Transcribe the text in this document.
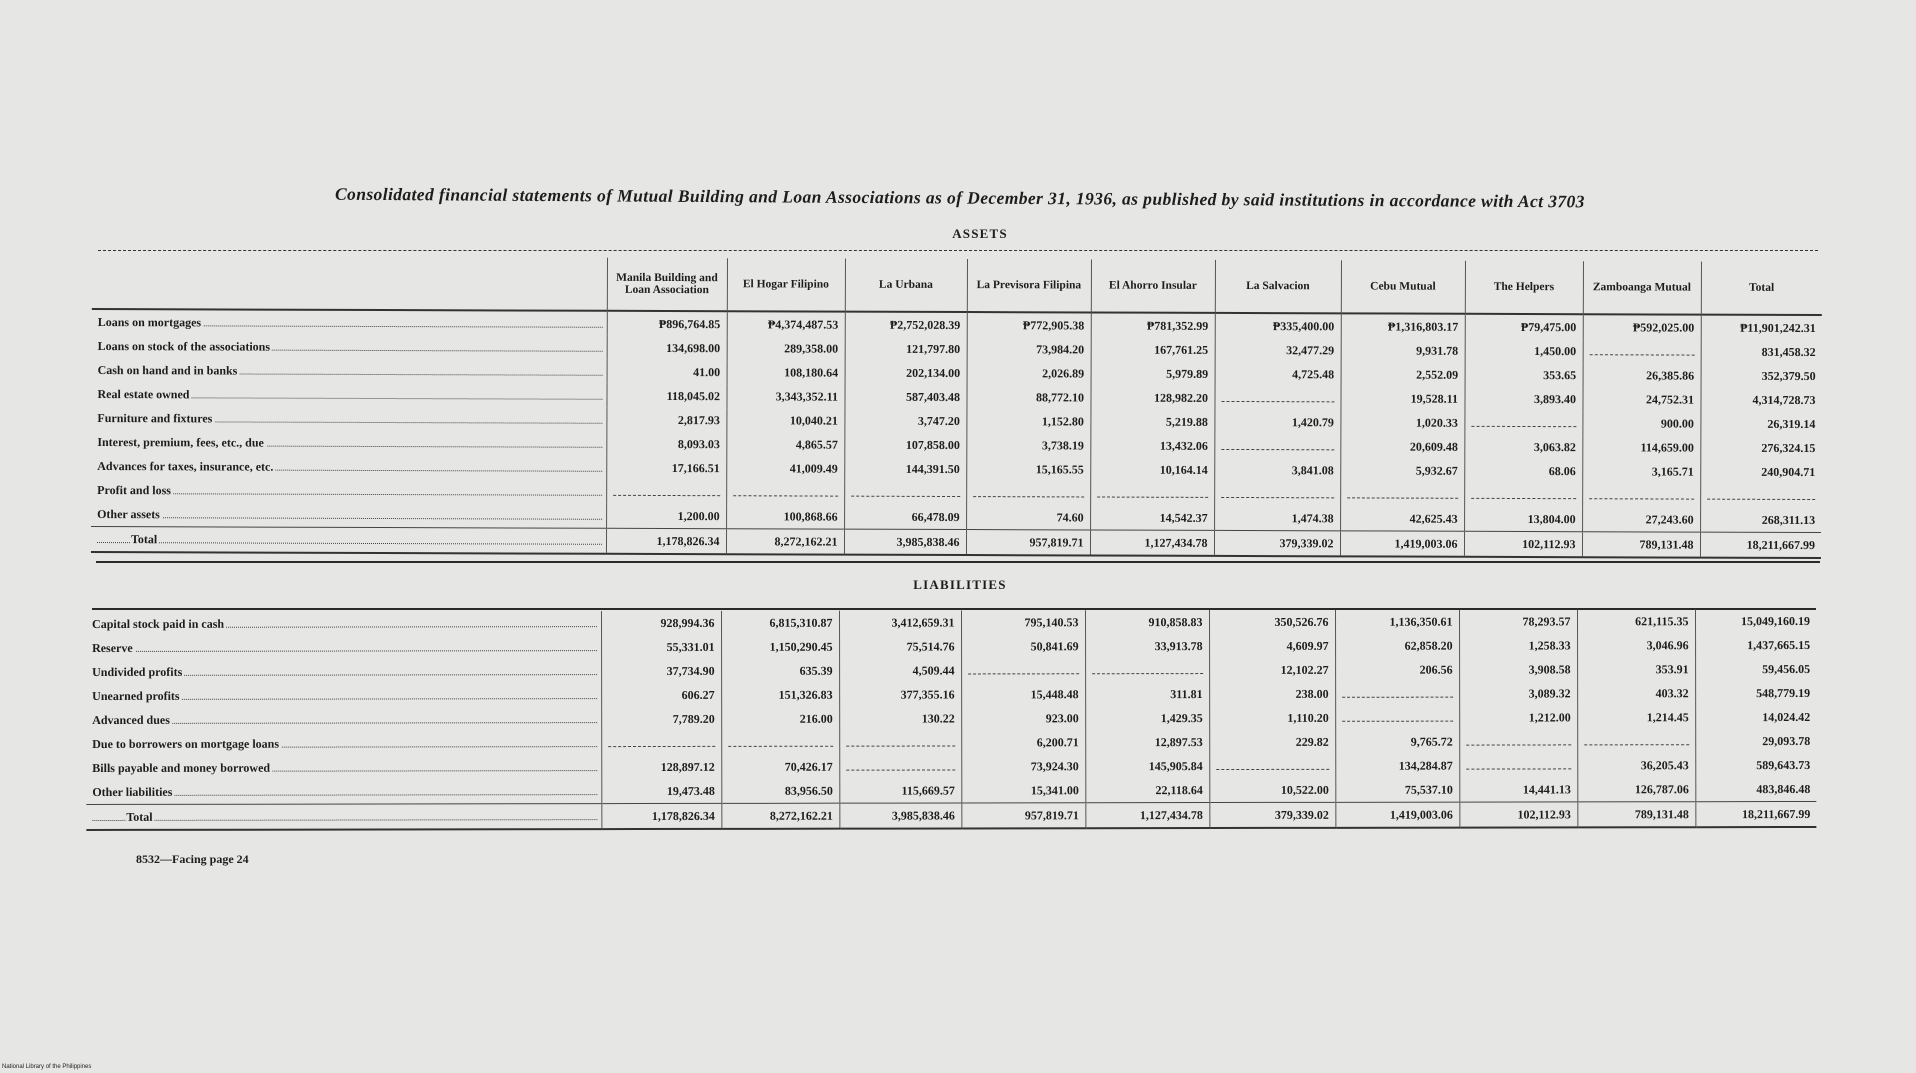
Consolidated financial statements of Mutual Building and Loan Associations as of December 31, 1936, as published by said institutions in accordance with Act 3703
ASSETS
	Manila Building and Loan Association	El Hogar Filipino	La Urbana	La Previsora Filipina	El Ahorro Insular	La Salvacion	Cebu Mutual	The Helpers	Zamboanga Mutual	Total
Loans on mortgages	₱896,764.85	₱4,374,487.53	₱2,752,028.39	₱772,905.38	₱781,352.99	₱335,400.00	₱1,316,803.17	₱79,475.00	₱592,025.00	₱11,901,242.31
Loans on stock of the associations	134,698.00	289,358.00	121,797.80	73,984.20	167,761.25	32,477.29	9,931.78	1,450.00		831,458.32
Cash on hand and in banks	41.00	108,180.64	202,134.00	2,026.89	5,979.89	4,725.48	2,552.09	353.65	26,385.86	352,379.50
Real estate owned	118,045.02	3,343,352.11	587,403.48	88,772.10	128,982.20		19,528.11	3,893.40	24,752.31	4,314,728.73
Furniture and fixtures	2,817.93	10,040.21	3,747.20	1,152.80	5,219.88	1,420.79	1,020.33		900.00	26,319.14
Interest, premium, fees, etc., due	8,093.03	4,865.57	107,858.00	3,738.19	13,432.06		20,609.48	3,063.82	114,659.00	276,324.15
Advances for taxes, insurance, etc.	17,166.51	41,009.49	144,391.50	15,165.55	10,164.14	3,841.08	5,932.67	68.06	3,165.71	240,904.71
Profit and loss										
Other assets	1,200.00	100,868.66	66,478.09	74.60	14,542.37	1,474.38	42,625.43	13,804.00	27,243.60	268,311.13
Total	1,178,826.34	8,272,162.21	3,985,838.46	957,819.71	1,127,434.78	379,339.02	1,419,003.06	102,112.93	789,131.48	18,211,667.99
LIABILITIES
Capital stock paid in cash	928,994.36	6,815,310.87	3,412,659.31	795,140.53	910,858.83	350,526.76	1,136,350.61	78,293.57	621,115.35	15,049,160.19
Reserve	55,331.01	1,150,290.45	75,514.76	50,841.69	33,913.78	4,609.97	62,858.20	1,258.33	3,046.96	1,437,665.15
Undivided profits	37,734.90	635.39	4,509.44			12,102.27	206.56	3,908.58	353.91	59,456.05
Unearned profits	606.27	151,326.83	377,355.16	15,448.48	311.81	238.00		3,089.32	403.32	548,779.19
Advanced dues	7,789.20	216.00	130.22	923.00	1,429.35	1,110.20		1,212.00	1,214.45	14,024.42
Due to borrowers on mortgage loans				6,200.71	12,897.53	229.82	9,765.72			29,093.78
Bills payable and money borrowed	128,897.12	70,426.17		73,924.30	145,905.84		134,284.87		36,205.43	589,643.73
Other liabilities	19,473.48	83,956.50	115,669.57	15,341.00	22,118.64	10,522.00	75,537.10	14,441.13	126,787.06	483,846.48
Total	1,178,826.34	8,272,162.21	3,985,838.46	957,819.71	1,127,434.78	379,339.02	1,419,003.06	102,112.93	789,131.48	18,211,667.99
8532—Facing page 24
National Library of the Philippines
